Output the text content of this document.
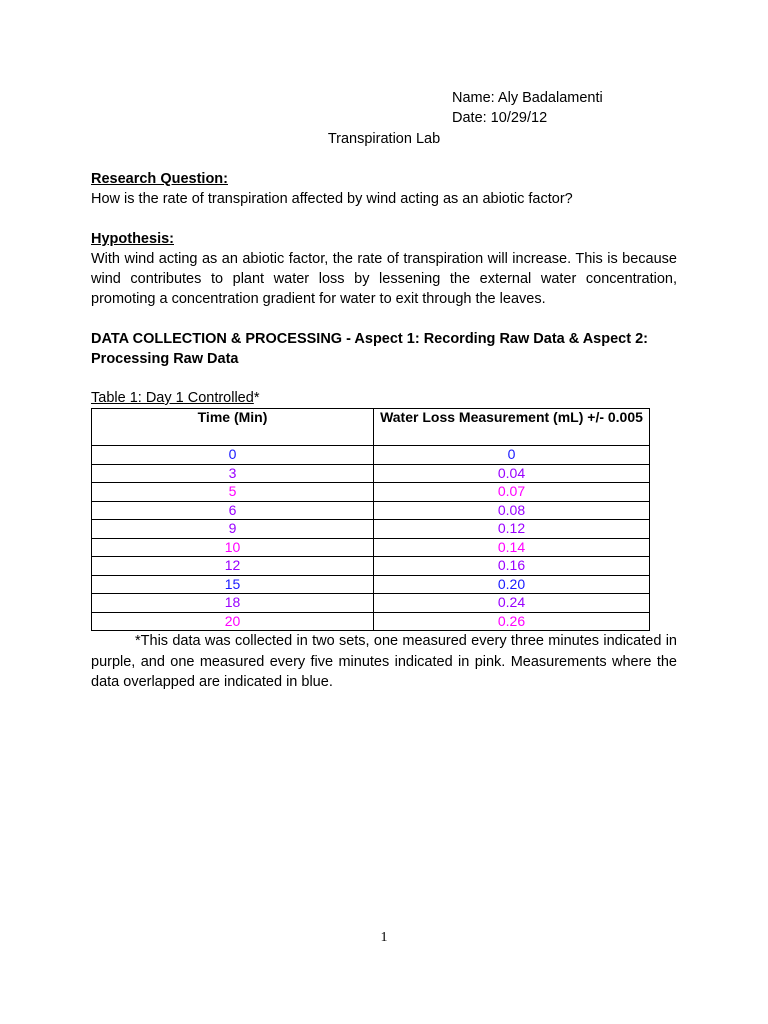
Name: Aly Badalamenti
Date: 10/29/12
Transpiration Lab
Research Question:
How is the rate of transpiration affected by wind acting as an abiotic factor?
Hypothesis:
With wind acting as an abiotic factor, the rate of transpiration will increase. This is because wind contributes to plant water loss by lessening the external water concentration, promoting a concentration gradient for water to exit through the leaves.
DATA COLLECTION & PROCESSING - Aspect 1: Recording Raw Data & Aspect 2: Processing Raw Data
Table 1: Day 1 Controlled*
Time (Min)	Water Loss Measurement (mL) +/- 0.005
0	0
3	0.04
5	0.07
6	0.08
9	0.12
10	0.14
12	0.16
15	0.20
18	0.24
20	0.26
*This data was collected in two sets, one measured every three minutes indicated in purple, and one measured every five minutes indicated in pink. Measurements where the data overlapped are indicated in blue.
1
